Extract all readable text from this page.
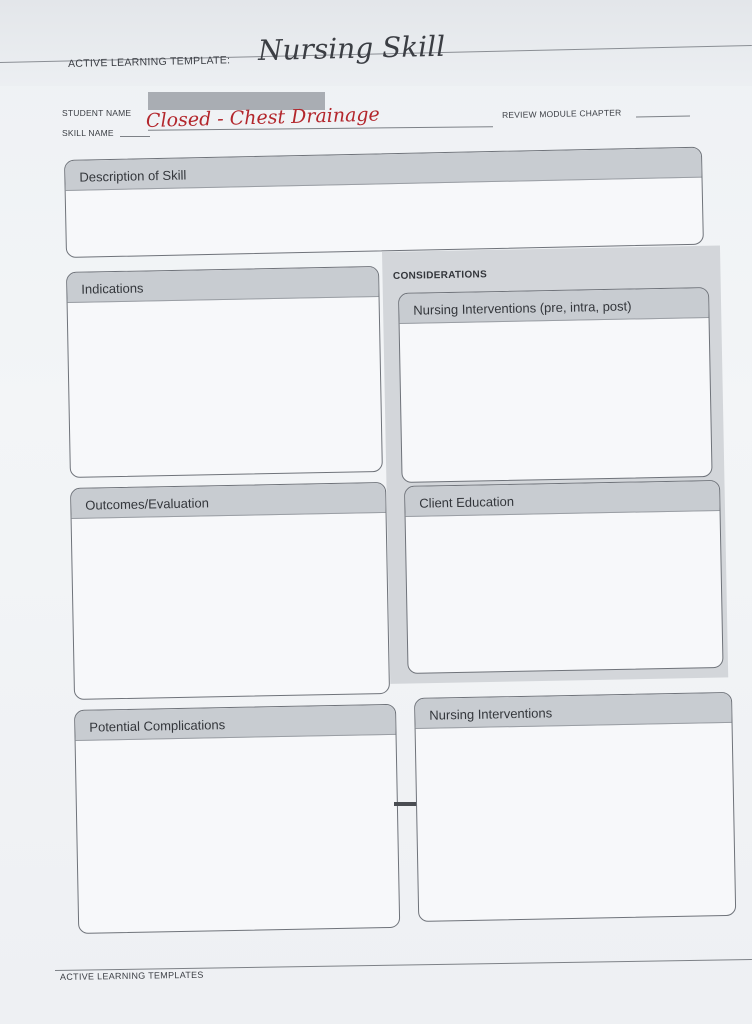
ACTIVE LEARNING TEMPLATE: Nursing Skill
STUDENT NAME
SKILL NAME
Closed - Chest Drainage	REVIEW MODULE CHAPTER
Description of Skill
Indications
CONSIDERATIONS
Nursing Interventions (pre, intra, post)
Outcomes/Evaluation	Client Education
Potential Complications
Nursing Interventions
ACTIVE LEARNING TEMPLATES
